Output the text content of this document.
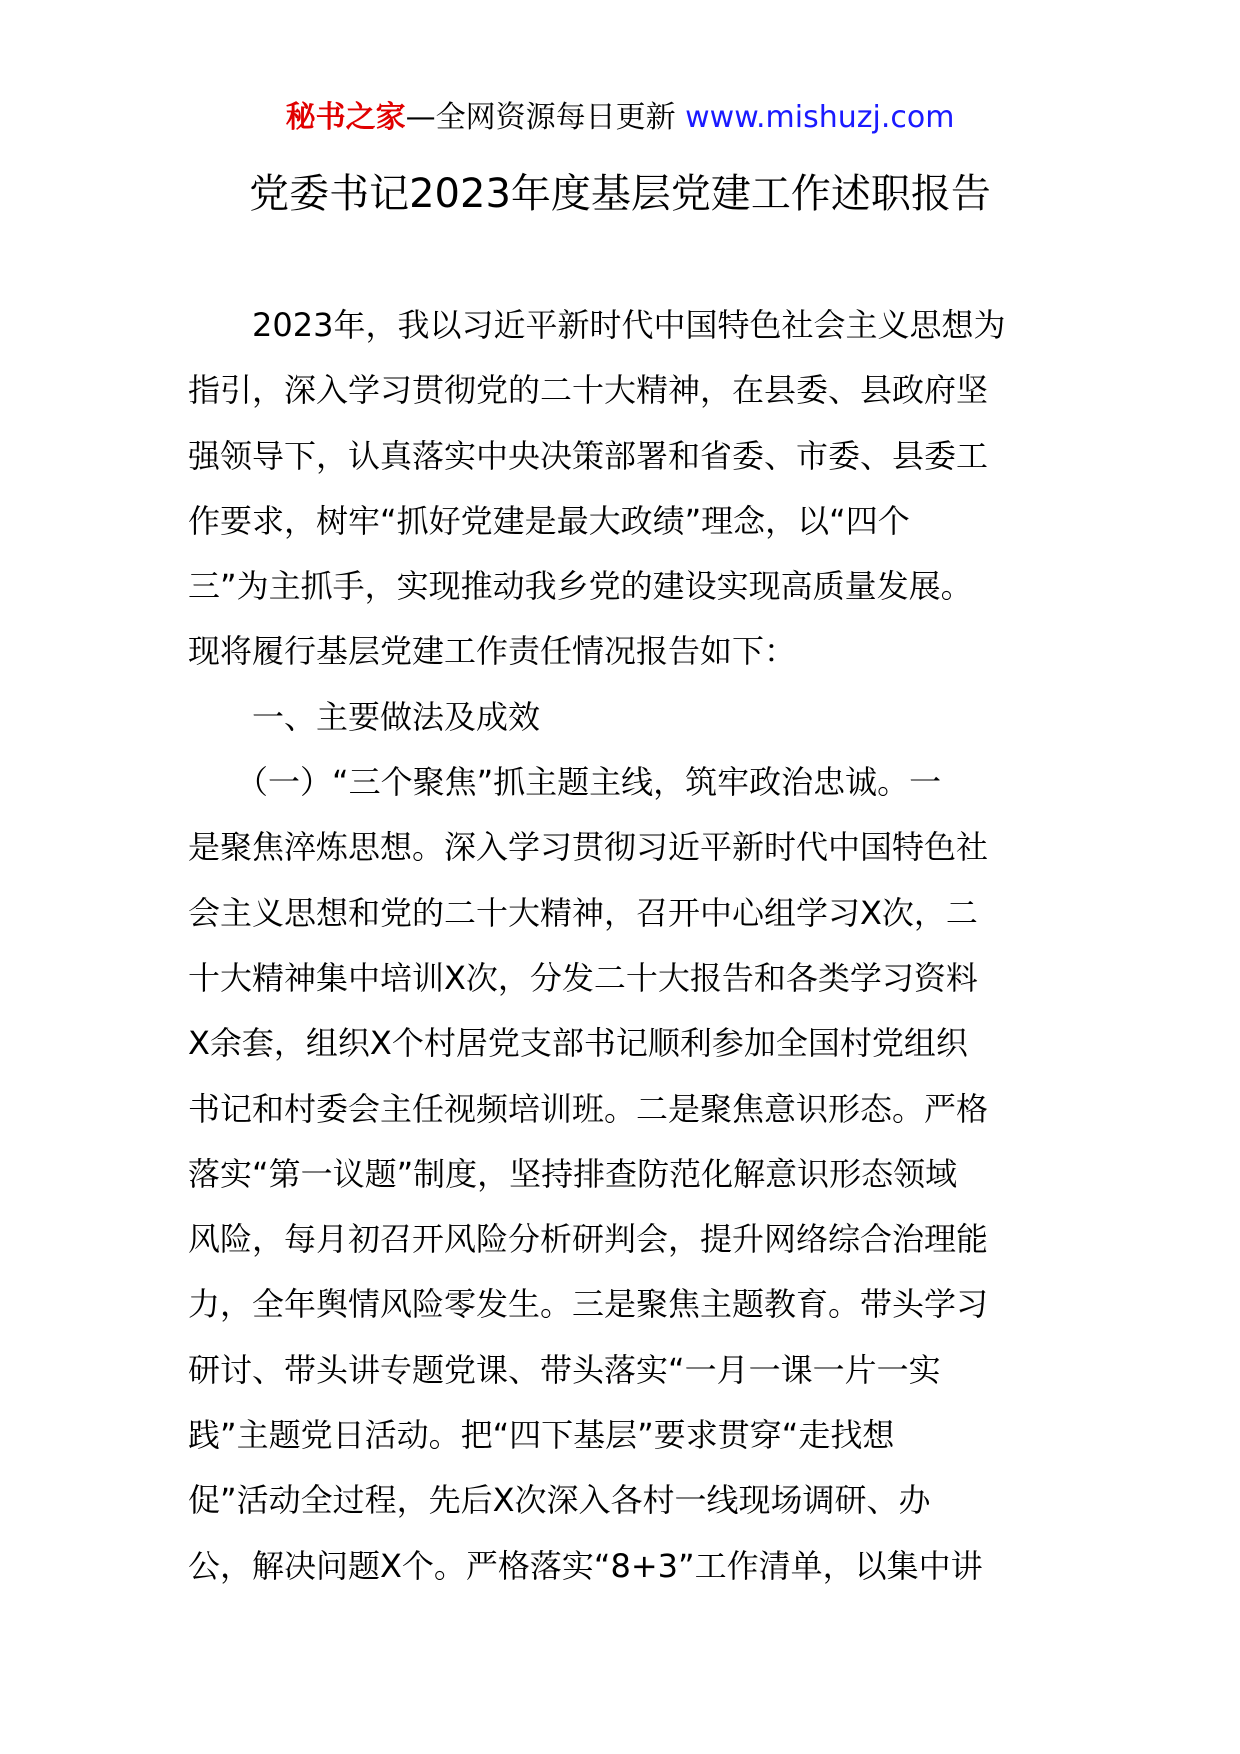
秘书之家—全网资源每日更新 www.mishuzj.com
党委书记2023年度基层党建工作述职报告
　　2023年，我以习近平新时代中国特色社会主义思想为
指引，深入学习贯彻党的二十大精神，在县委、县政府坚
强领导下，认真落实中央决策部署和省委、市委、县委工
作要求，树牢“抓好党建是最大政绩”理念，以“四个
三”为主抓手，实现推动我乡党的建设实现高质量发展。
现将履行基层党建工作责任情况报告如下：
　　一、主要做法及成效
　　（一）“三个聚焦”抓主题主线，筑牢政治忠诚。一
是聚焦淬炼思想。深入学习贯彻习近平新时代中国特色社
会主义思想和党的二十大精神，召开中心组学习X次，二
十大精神集中培训X次，分发二十大报告和各类学习资料
X余套，组织X个村居党支部书记顺利参加全国村党组织
书记和村委会主任视频培训班。二是聚焦意识形态。严格
落实“第一议题”制度，坚持排查防范化解意识形态领域
风险，每月初召开风险分析研判会，提升网络综合治理能
力，全年舆情风险零发生。三是聚焦主题教育。带头学习
研讨、带头讲专题党课、带头落实“一月一课一片一实
践”主题党日活动。把“四下基层”要求贯穿“走找想
促”活动全过程，先后X次深入各村一线现场调研、办
公，解决问题X个。严格落实“8+3”工作清单，以集中讲
